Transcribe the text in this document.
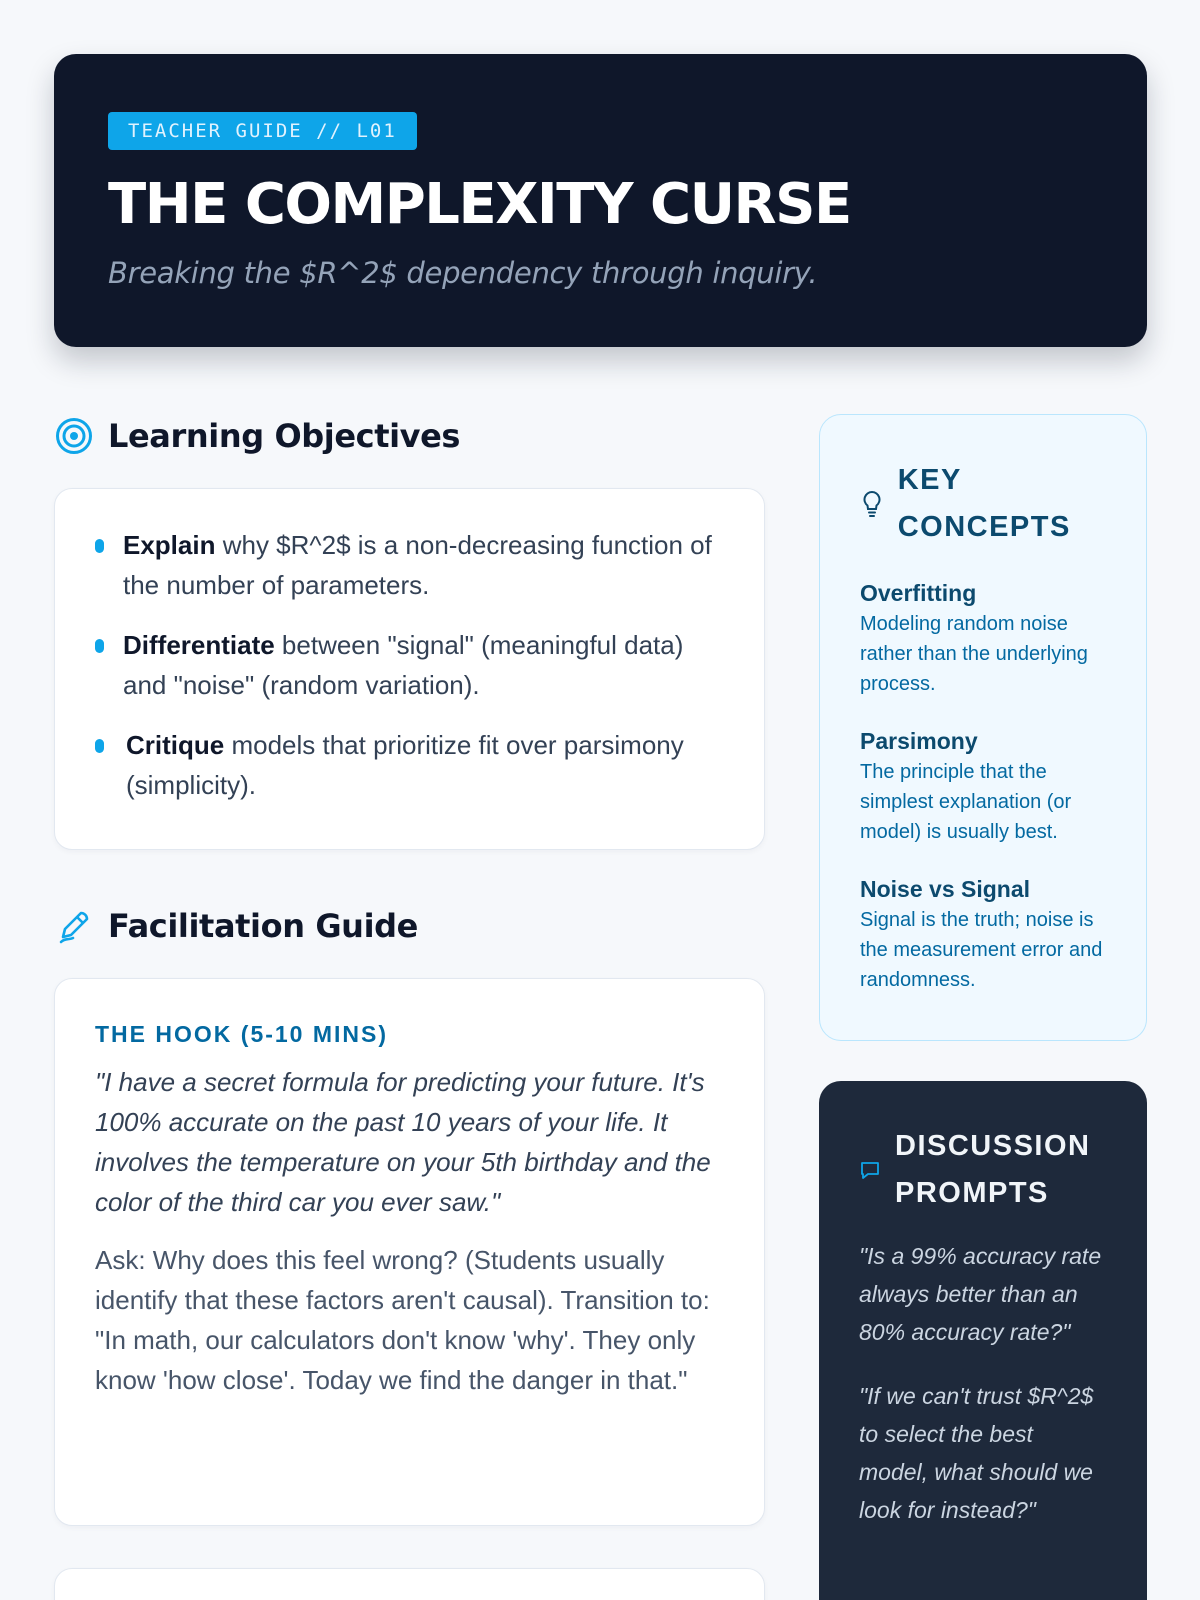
TEACHER GUIDE // L01
THE COMPLEXITY CURSE

Breaking the $R^2$ dependency through inquiry.

Learning Objectives
Explain why $R^2$ is a non-decreasing function of the number of parameters.
Differentiate between "signal" (meaningful data) and "noise" (random variation).
Critique models that prioritize fit over parsimony (simplicity).
Facilitation Guide
THE HOOK (5-10 MINS)

"I have a secret formula for predicting your future. It's 100% accurate on the past 10 years of your life. It involves the temperature on your 5th birthday and the color of the third car you ever saw."

Ask: Why does this feel wrong? (Students usually identify that these factors aren't causal). Transition to: "In math, our calculators don't know 'why'. They only know 'how close'. Today we find the danger in that."

KEY CONCEPTS
Overfitting
Modeling random noise rather than the underlying process.
Parsimony
The principle that the simplest explanation (or model) is usually best.
Noise vs Signal
Signal is the truth; noise is the measurement error and randomness.
DISCUSSION PROMPTS

"Is a 99% accuracy rate always better than an 80% accuracy rate?"

"If we can't trust $R^2$ to select the best model, what should we look for instead?"
